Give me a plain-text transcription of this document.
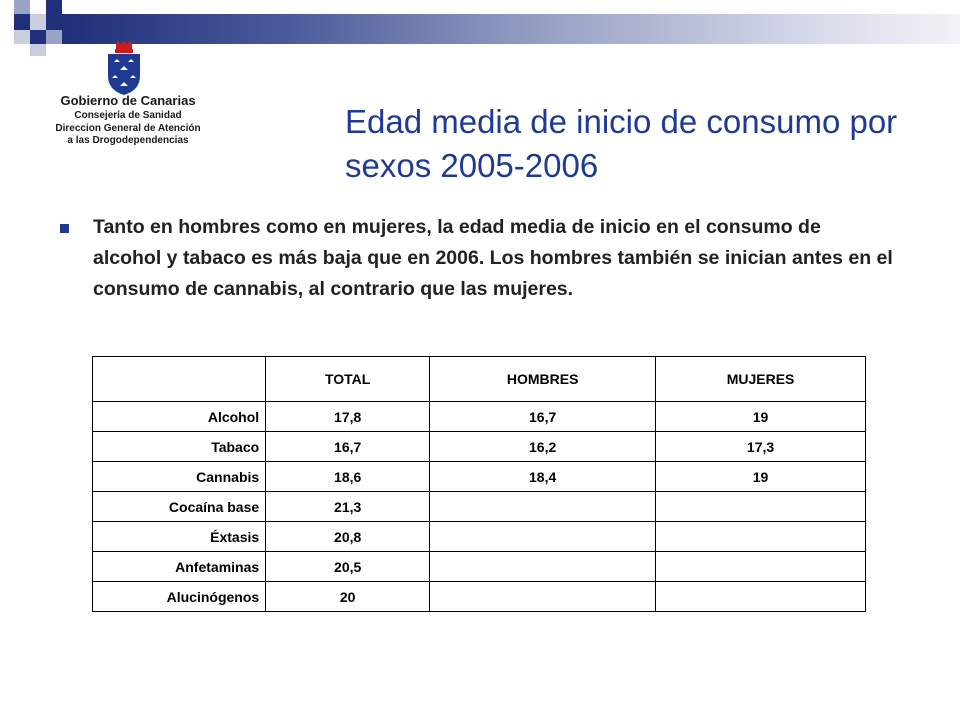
Gobierno de Canarias
Consejería de Sanidad
Direccion General de Atención
a las Drogodependencias
Edad media de inicio de consumo por sexos 2005-2006
Tanto en hombres como en mujeres, la edad media de inicio en el consumo de alcohol y tabaco es más baja que en 2006. Los hombres también se inician antes en el consumo de cannabis, al contrario que las mujeres.
	TOTAL	HOMBRES	MUJERES
Alcohol	17,8	16,7	19
Tabaco	16,7	16,2	17,3
Cannabis	18,6	18,4	19
Cocaína base	21,3		
Éxtasis	20,8		
Anfetaminas	20,5		
Alucinógenos	20		
